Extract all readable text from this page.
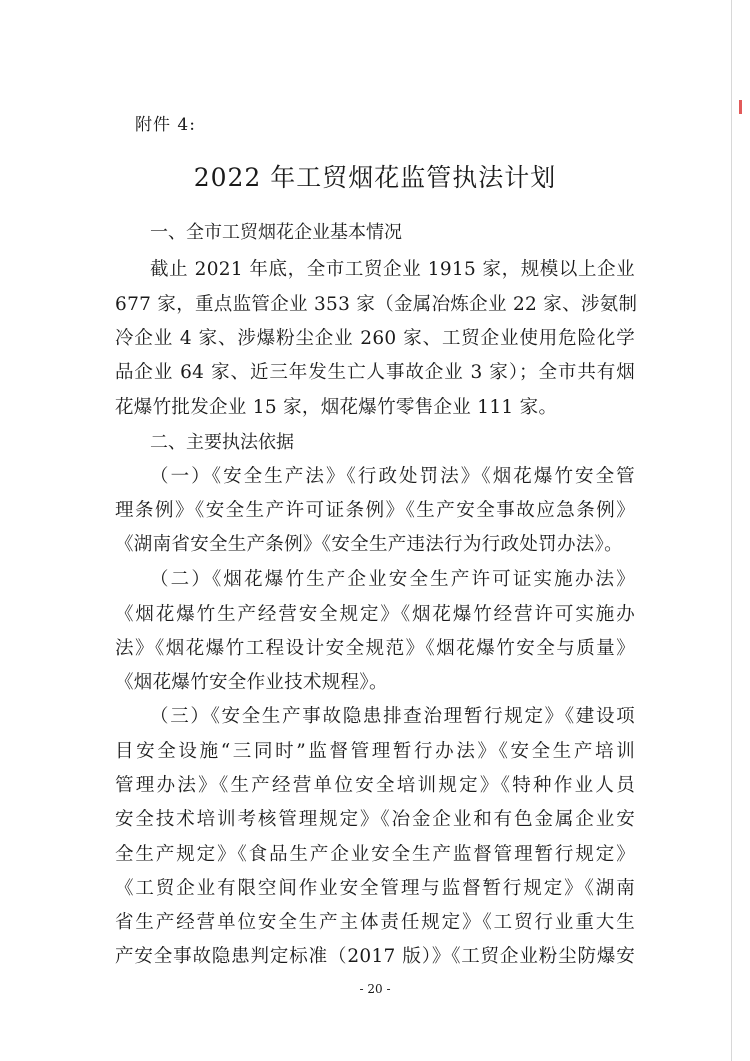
附件 4:
2022 年工贸烟花监管执法计划
一、全市工贸烟花企业基本情况
截止 2021 年底，全市工贸企业 1915 家，规模以上企业
677 家，重点监管企业 353 家（金属冶炼企业 22 家、涉氨制
冷企业 4 家、涉爆粉尘企业 260 家、工贸企业使用危险化学
品企业 64 家、近三年发生亡人事故企业 3 家）；全市共有烟
花爆竹批发企业 15 家，烟花爆竹零售企业 111 家。
二、主要执法依据
（一）《安全生产法》《行政处罚法》《烟花爆竹安全管
理条例》《安全生产许可证条例》《生产安全事故应急条例》
《湖南省安全生产条例》《安全生产违法行为行政处罚办法》。
（二）《烟花爆竹生产企业安全生产许可证实施办法》
《烟花爆竹生产经营安全规定》《烟花爆竹经营许可实施办
法》《烟花爆竹工程设计安全规范》《烟花爆竹安全与质量》
《烟花爆竹安全作业技术规程》。
（三）《安全生产事故隐患排查治理暂行规定》《建设项
目安全设施“三同时”监督管理暂行办法》《安全生产培训
管理办法》《生产经营单位安全培训规定》《特种作业人员
安全技术培训考核管理规定》《冶金企业和有色金属企业安
全生产规定》《食品生产企业安全生产监督管理暂行规定》
《工贸企业有限空间作业安全管理与监督暂行规定》《湖南
省生产经营单位安全生产主体责任规定》《工贸行业重大生
产安全事故隐患判定标准（2017 版）》《工贸企业粉尘防爆安
- 20 -
